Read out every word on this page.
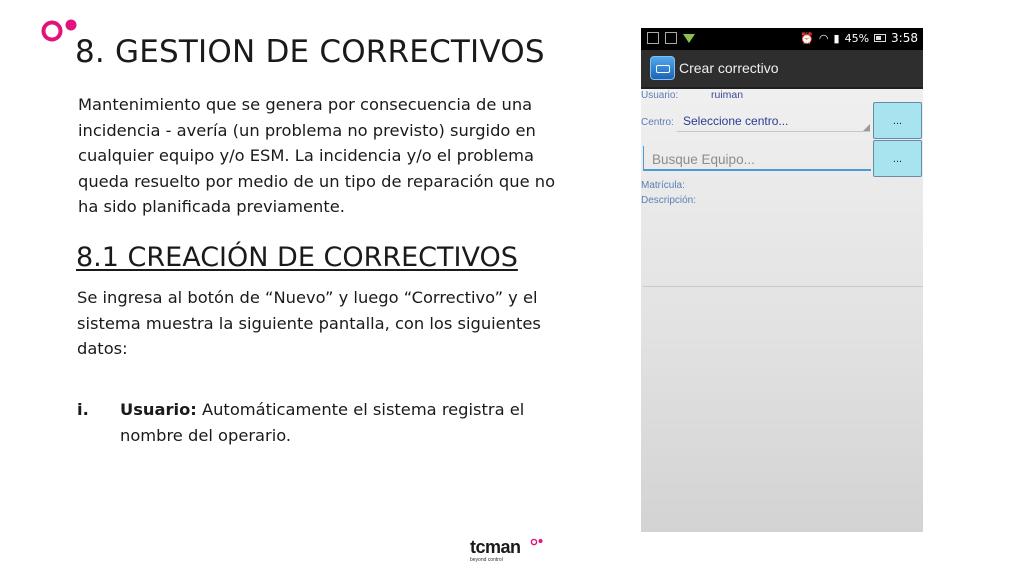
8. GESTION DE CORRECTIVOS

Mantenimiento que se genera por consecuencia de una incidencia - avería (un problema no previsto) surgido en cualquier equipo y/o ESM. La incidencia y/o el problema queda resuelto por medio de un tipo de reparación que no ha sido planificada previamente.

8.1 CREACIÓN DE CORRECTIVOS

Se ingresa al botón de “Nuevo” y luego “Correctivo” y el sistema muestra la siguiente pantalla, con los siguientes datos:

i. Usuario: Automáticamente el sistema registra el nombre del operario.
⏰ ◠ ▮ 45% 3:58
Crear correctivo
Usuario:	ruiman
Centro: Seleccione centro...	...
Busque Equipo...
...
Matrícula:
Descripción:
tcman
beyond control
